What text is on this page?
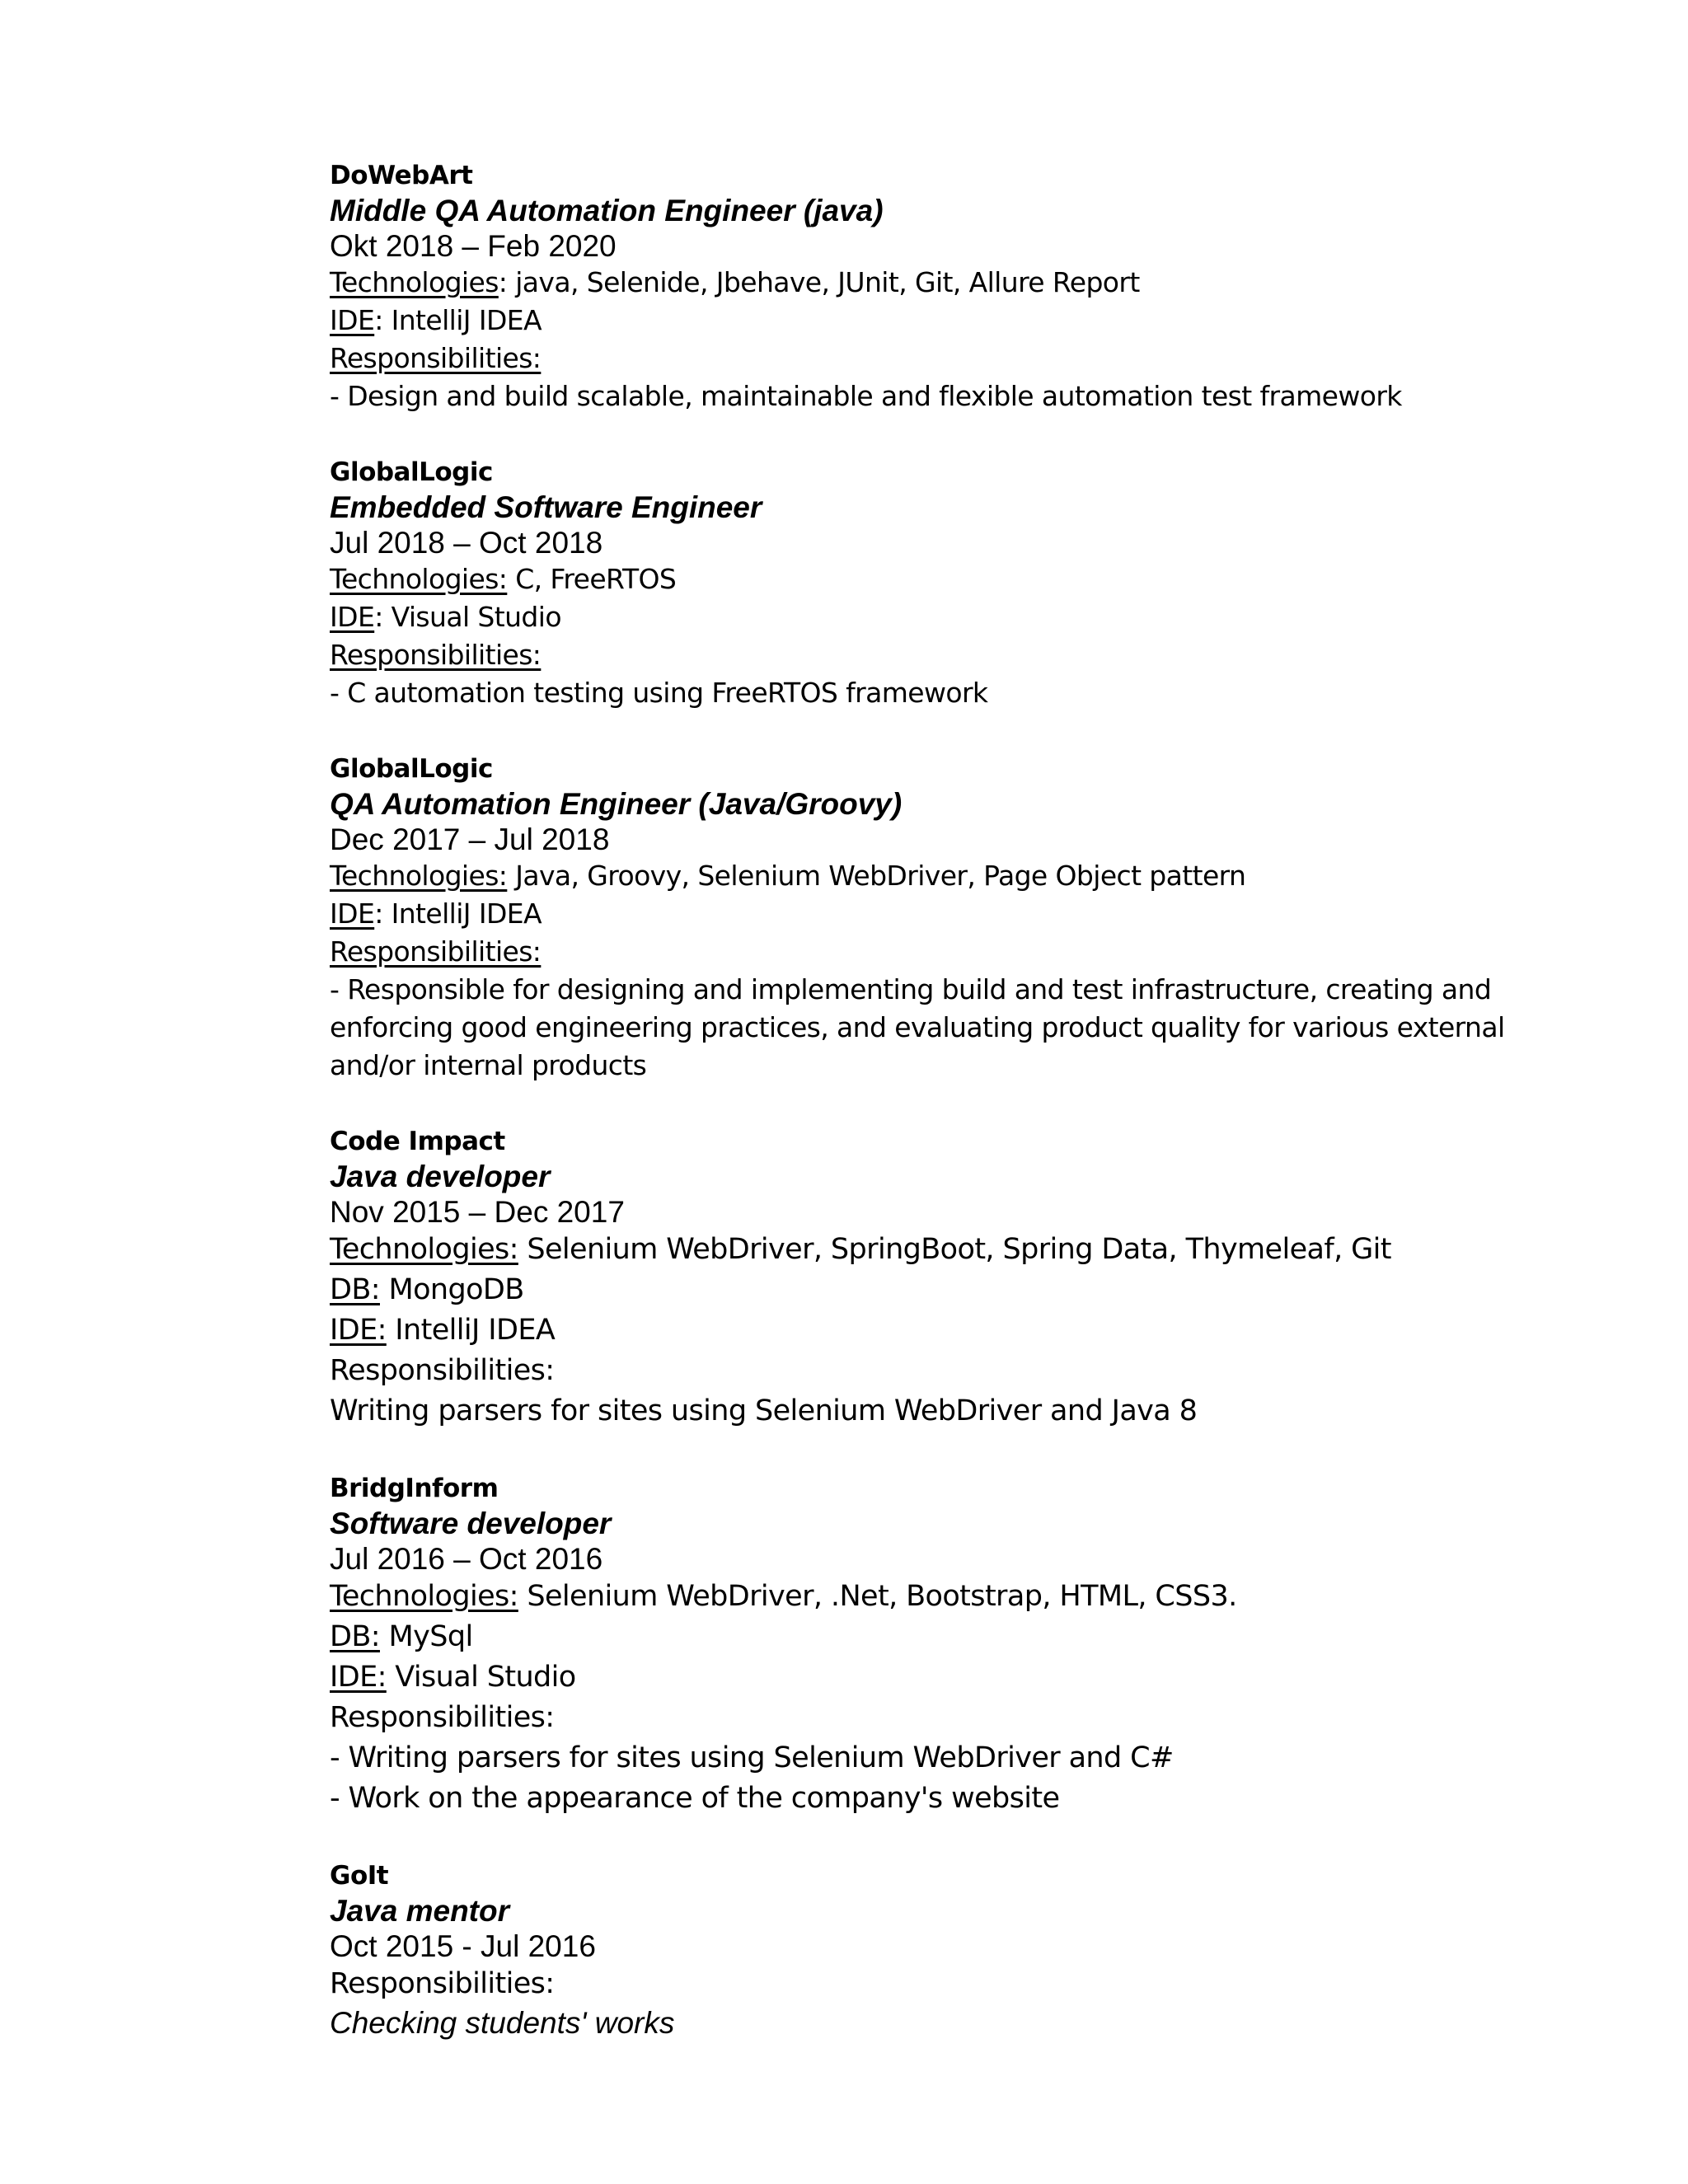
DoWebArt
Middle QA Automation Engineer (java)
Okt 2018 – Feb 2020
Technologies: java, Selenide, Jbehave, JUnit, Git, Allure Report
IDE: IntelliJ IDEA
Responsibilities:
- Design and build scalable, maintainable and flexible automation test framework
GlobalLogic
Embedded Software Engineer
Jul 2018 – Oct 2018
Technologies: C, FreeRTOS
IDE: Visual Studio
Responsibilities:
- C automation testing using FreeRTOS framework
GlobalLogic
QA Automation Engineer (Java/Groovy)
Dec 2017 – Jul 2018
Technologies: Java, Groovy, Selenium WebDriver, Page Object pattern
IDE: IntelliJ IDEA
Responsibilities:
- Responsible for designing and implementing build and test infrastructure, creating and enforcing good engineering practices, and evaluating product quality for various external and/or internal products
Code Impact
Java developer
Nov 2015 – Dec 2017
Technologies: Selenium WebDriver, SpringBoot, Spring Data, Thymeleaf, Git
DB: MongoDB
IDE: IntelliJ IDEA
Responsibilities:
Writing parsers for sites using Selenium WebDriver and Java 8
BridgInform
Software developer
Jul 2016 – Oct 2016
Technologies: Selenium WebDriver, .Net, Bootstrap, HTML, CSS3.
DB: MySql
IDE: Visual Studio
Responsibilities:
- Writing parsers for sites using Selenium WebDriver and C#
- Work on the appearance of the company's website
GoIt
Java mentor
Oct 2015 - Jul 2016
Responsibilities:
Checking students' works
